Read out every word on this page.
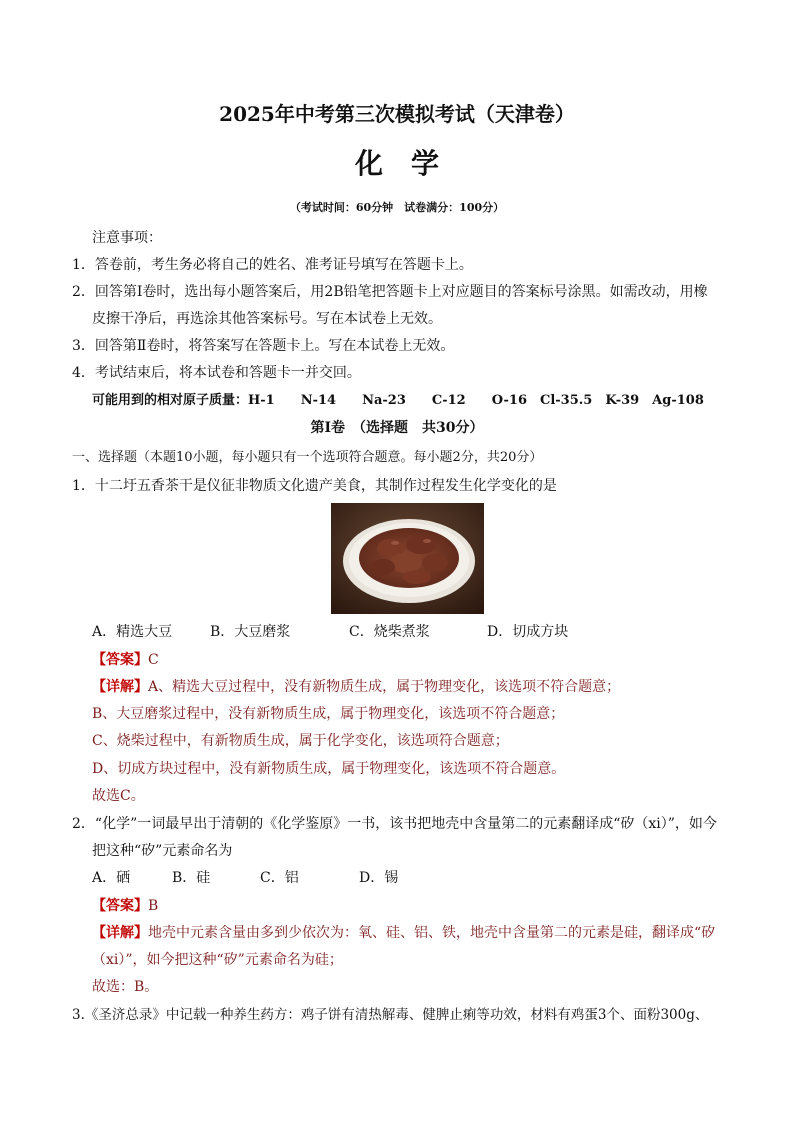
2025年中考第三次模拟考试（天津卷）
化学
（考试时间：60分钟　试卷满分：100分）
注意事项：
1．答卷前，考生务必将自己的姓名、准考证号填写在答题卡上。
2．回答第Ⅰ卷时，选出每小题答案后，用2B铅笔把答题卡上对应题目的答案标号涂黑。如需改动，用橡
皮擦干净后，再选涂其他答案标号。写在本试卷上无效。
3．回答第Ⅱ卷时，将答案写在答题卡上。写在本试卷上无效。
4．考试结束后，将本试卷和答题卡一并交回。
可能用到的相对原子质量：H-1　　N-14　　Na-23　　C-12　　O-16　Cl-35.5　K-39　Ag-108
第Ⅰ卷　（选择题　共30分）
一、选择题（本题10小题，每小题只有一个选项符合题意。每小题2分，共20分）
1．十二圩五香茶干是仪征非物质文化遗产美食，其制作过程发生化学变化的是
A．精选大豆	B．大豆磨浆	C．烧柴煮浆	D．切成方块
【答案】C
【详解】A、精选大豆过程中，没有新物质生成，属于物理变化，该选项不符合题意；
B、大豆磨浆过程中，没有新物质生成，属于物理变化，该选项不符合题意；
C、烧柴过程中，有新物质生成，属于化学变化，该选项符合题意；
D、切成方块过程中，没有新物质生成，属于物理变化，该选项不符合题意。
故选C。
2．“化学”一词最早出于清朝的《化学鉴原》一书，该书把地壳中含量第二的元素翻译成“矽（xi）”，如今
把这种“矽”元素命名为
A．硒	B．硅	C．铝	D．锡
【答案】B
【详解】地壳中元素含量由多到少依次为：氧、硅、铝、铁，地壳中含量第二的元素是硅，翻译成“矽
（xi）”，如今把这种“矽”元素命名为硅；
故选：B。
3.《圣济总录》中记载一种养生药方：鸡子饼有清热解毒、健脾止痢等功效，材料有鸡蛋3个、面粉300g、
